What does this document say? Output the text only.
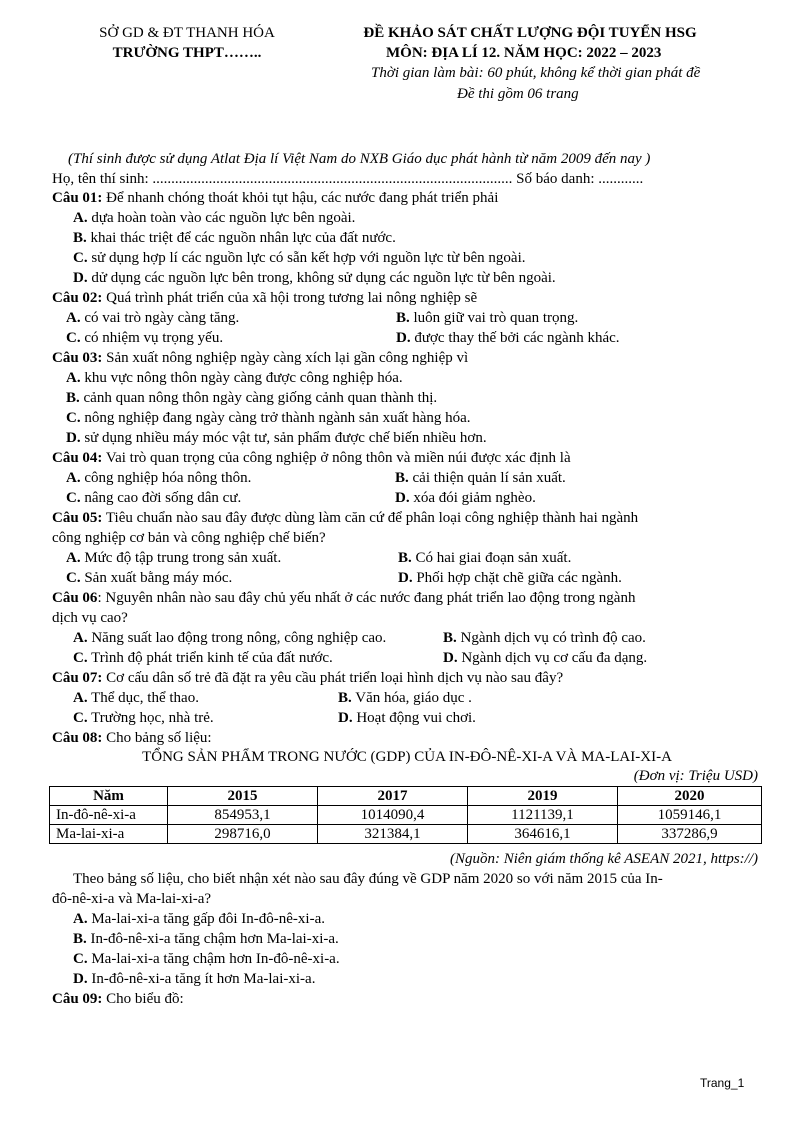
SỞ GD & ĐT THANH HÓA
TRƯỜNG THPT……..
ĐỀ KHẢO SÁT CHẤT LƯỢNG ĐỘI TUYỂN HSG
MÔN: ĐỊA LÍ 12. NĂM HỌC: 2022 – 2023
Thời gian làm bài: 60 phút, không kể thời gian phát đề
Đề thi gồm 06 trang
(Thí sinh được sử dụng Atlat Địa lí Việt Nam do NXB Giáo dục phát hành từ năm 2009 đến nay )
Họ, tên thí sinh: ................................................................................................ Số báo danh: ............
Câu 01: Để nhanh chóng thoát khỏi tụt hậu, các nước đang phát triển phải
A. dựa hoàn toàn vào các nguồn lực bên ngoài.
B. khai thác triệt để các nguồn nhân lực của đất nước.
C. sử dụng hợp lí các nguồn lực có sẵn kết hợp với nguồn lực từ bên ngoài.
D. dử dụng các nguồn lực bên trong, không sử dụng các nguồn lực từ bên ngoài.
Câu 02: Quá trình phát triển của xã hội trong tương lai nông nghiệp sẽ
A. có vai trò ngày càng tăng.	B. luôn giữ vai trò quan trọng.
C. có nhiệm vụ trọng yếu.	D. được thay thế bởi các ngành khác.
Câu 03: Sản xuất nông nghiệp ngày càng xích lại gần công nghiệp vì
A. khu vực nông thôn ngày càng được công nghiệp hóa.
B. cảnh quan nông thôn ngày càng giống cảnh quan thành thị.
C. nông nghiệp đang ngày càng trở thành ngành sản xuất hàng hóa.
D. sử dụng nhiều máy móc vật tư, sản phẩm được chế biến nhiều hơn.
Câu 04: Vai trò quan trọng của công nghiệp ở nông thôn và miền núi được xác định là
A. công nghiệp hóa nông thôn.	B. cải thiện quản lí sản xuất.
C. nâng cao đời sống dân cư.	D. xóa đói giảm nghèo.
Câu 05: Tiêu chuẩn nào sau đây được dùng làm căn cứ để phân loại công nghiệp thành hai ngành
công nghiệp cơ bản và công nghiệp chế biến?
A. Mức độ tập trung trong sản xuất.	B. Có hai giai đoạn sản xuất.
C. Sản xuất bằng máy móc.	D. Phối hợp chặt chẽ giữa các ngành.
Câu 06: Nguyên nhân nào sau đây chủ yếu nhất ở các nước đang phát triển lao động trong ngành
dịch vụ cao?
A. Năng suất lao động trong nông, công nghiệp cao.	B. Ngành dịch vụ có trình độ cao.
C. Trình độ phát triển kinh tế của đất nước.	D. Ngành dịch vụ cơ cấu đa dạng.
Câu 07: Cơ cấu dân số trẻ đã đặt ra yêu cầu phát triển loại hình dịch vụ nào sau đây?
A. Thể dục, thể thao.	B. Văn hóa, giáo dục .
C. Trường học, nhà trẻ.	D. Hoạt động vui chơi.
Câu 08: Cho bảng số liệu:
TỔNG SẢN PHẨM TRONG NƯỚC (GDP) CỦA IN-ĐÔ-NÊ-XI-A VÀ MA-LAI-XI-A
(Đơn vị: Triệu USD)
Năm	2015	2017	2019	2020
In-đô-nê-xi-a	854953,1	1014090,4	1121139,1	1059146,1
Ma-lai-xi-a	298716,0	321384,1	364616,1	337286,9
(Nguồn: Niên giám thống kê ASEAN 2021, https://)
Theo bảng số liệu, cho biết nhận xét nào sau đây đúng về GDP năm 2020 so với năm 2015 của In-
đô-nê-xi-a và Ma-lai-xi-a?
A. Ma-lai-xi-a tăng gấp đôi In-đô-nê-xi-a.
B. In-đô-nê-xi-a tăng chậm hơn Ma-lai-xi-a.
C. Ma-lai-xi-a tăng chậm hơn In-đô-nê-xi-a.
D. In-đô-nê-xi-a tăng ít hơn Ma-lai-xi-a.
Câu 09: Cho biểu đồ:
Trang_1
